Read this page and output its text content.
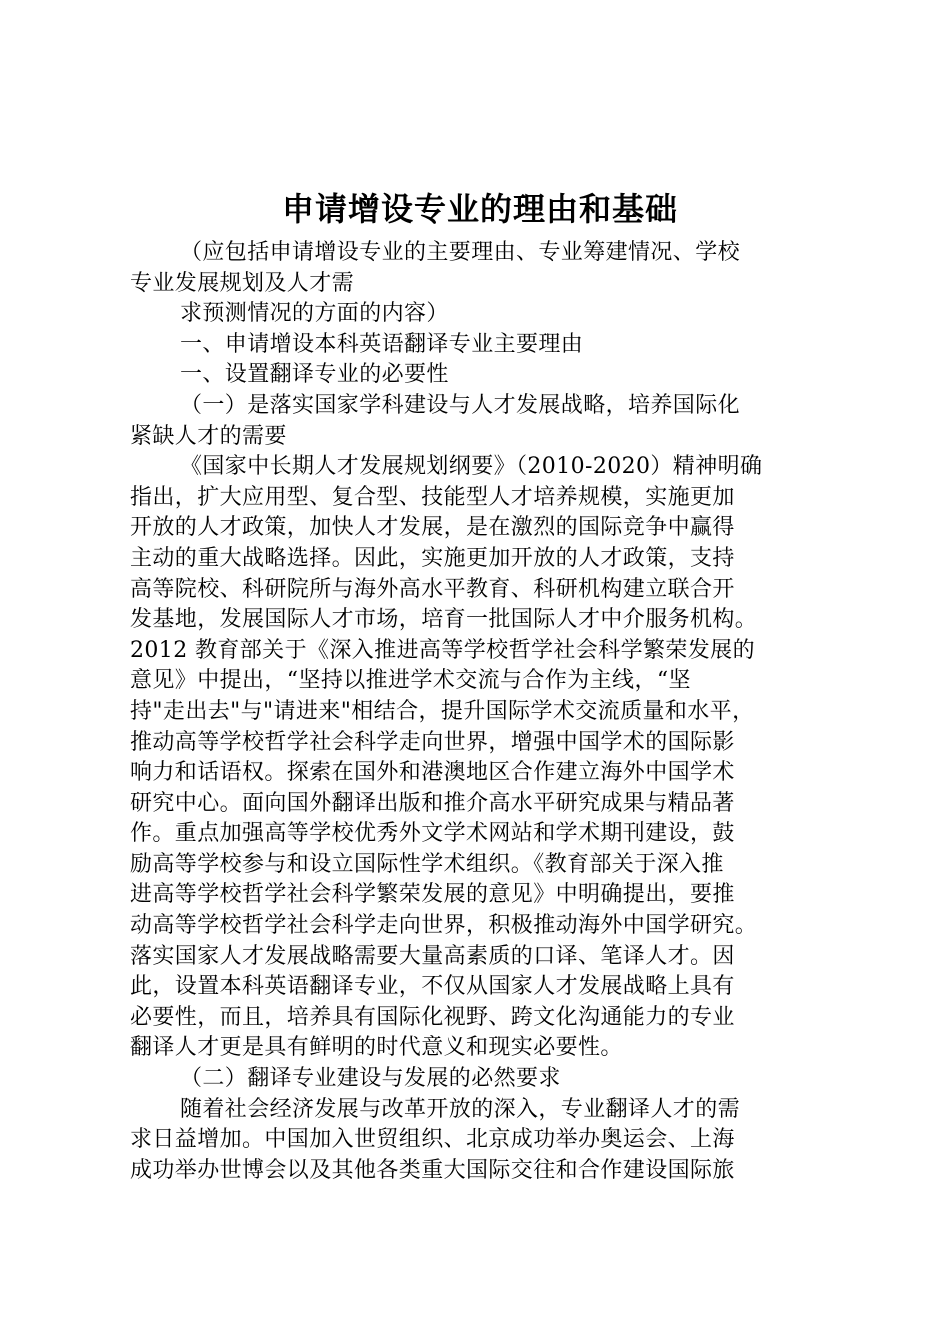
申请增设专业的理由和基础

（应包括申请增设专业的主要理由、专业筹建情况、学校
专业发展规划及人才需

求预测情况的方面的内容）

一、申请增设本科英语翻译专业主要理由

一、设置翻译专业的必要性

（一）是落实国家学科建设与人才发展战略，培养国际化
紧缺人才的需要

《国家中长期人才发展规划纲要》（2010-2020）精神明确
指出，扩大应用型、复合型、技能型人才培养规模，实施更加
开放的人才政策，加快人才发展，是在激烈的国际竞争中赢得
主动的重大战略选择。因此，实施更加开放的人才政策，支持
高等院校、科研院所与海外高水平教育、科研机构建立联合开
发基地，发展国际人才市场，培育一批国际人才中介服务机构。
2012 教育部关于《深入推进高等学校哲学社会科学繁荣发展的
意见》中提出，“坚持以推进学术交流与合作为主线，“坚
持"走出去"与"请进来"相结合，提升国际学术交流质量和水平，
推动高等学校哲学社会科学走向世界，增强中国学术的国际影
响力和话语权。探索在国外和港澳地区合作建立海外中国学术
研究中心。面向国外翻译出版和推介高水平研究成果与精品著
作。重点加强高等学校优秀外文学术网站和学术期刊建设，鼓
励高等学校参与和设立国际性学术组织。《教育部关于深入推
进高等学校哲学社会科学繁荣发展的意见》中明确提出，要推
动高等学校哲学社会科学走向世界，积极推动海外中国学研究。
落实国家人才发展战略需要大量高素质的口译、笔译人才。因
此，设置本科英语翻译专业，不仅从国家人才发展战略上具有
必要性，而且，培养具有国际化视野、跨文化沟通能力的专业
翻译人才更是具有鲜明的时代意义和现实必要性。

（二）翻译专业建设与发展的必然要求

随着社会经济发展与改革开放的深入，专业翻译人才的需
求日益增加。中国加入世贸组织、北京成功举办奥运会、上海
成功举办世博会以及其他各类重大国际交往和合作建设国际旅
